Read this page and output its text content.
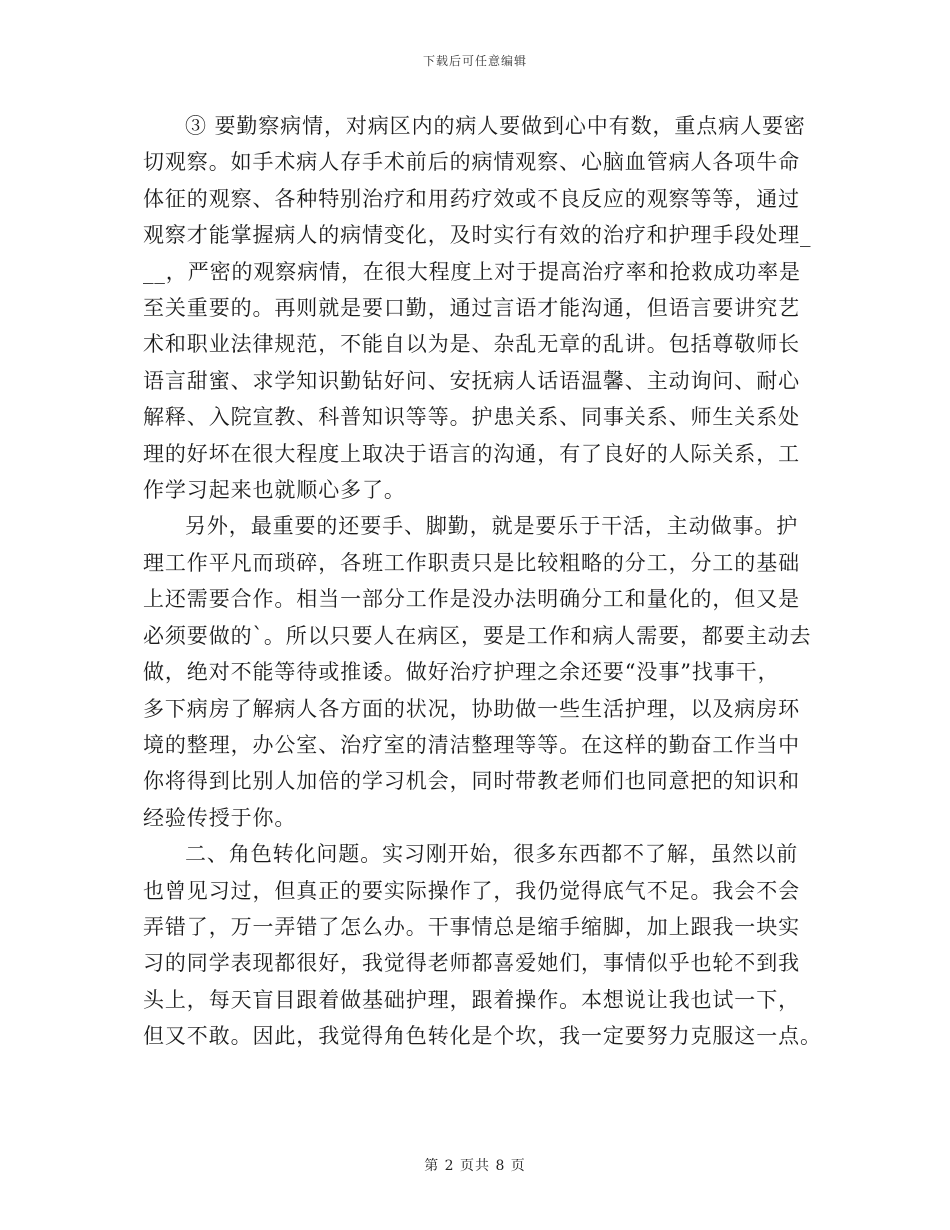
下载后可任意编辑

③ 要勤察病情，对病区内的病人要做到心中有数，重点病人要密
切观察。如手术病人存手术前后的病情观察、心脑血管病人各项牛命
体征的观察、各种特别治疗和用药疗效或不良反应的观察等等，通过
观察才能掌握病人的病情变化，及时实行有效的治疗和护理手段处理_
__，严密的观察病情，在很大程度上对于提高治疗率和抢救成功率是
至关重要的。再则就是要口勤，通过言语才能沟通，但语言要讲究艺
术和职业法律规范，不能自以为是、杂乱无章的乱讲。包括尊敬师长
语言甜蜜、求学知识勤钻好问、安抚病人话语温馨、主动询问、耐心
解释、入院宣教、科普知识等等。护患关系、同事关系、师生关系处
理的好坏在很大程度上取决于语言的沟通，有了良好的人际关系，工
作学习起来也就顺心多了。

另外，最重要的还要手、脚勤，就是要乐于干活，主动做事。护
理工作平凡而琐碎，各班工作职责只是比较粗略的分工，分工的基础
上还需要合作。相当一部分工作是没办法明确分工和量化的，但又是
必须要做的`。所以只要人在病区，要是工作和病人需要，都要主动去
做，绝对不能等待或推诿。做好治疗护理之余还要“没事”找事干，
多下病房了解病人各方面的状况，协助做一些生活护理，以及病房环
境的整理，办公室、治疗室的清洁整理等等。在这样的勤奋工作当中
你将得到比别人加倍的学习机会，同时带教老师们也同意把的知识和
经验传授于你。

二、角色转化问题。实习刚开始，很多东西都不了解，虽然以前
也曾见习过，但真正的要实际操作了，我仍觉得底气不足。我会不会
弄错了，万一弄错了怎么办。干事情总是缩手缩脚，加上跟我一块实
习的同学表现都很好，我觉得老师都喜爱她们，事情似乎也轮不到我
头上，每天盲目跟着做基础护理，跟着操作。本想说让我也试一下，
但又不敢。因此，我觉得角色转化是个坎，我一定要努力克服这一点。

第 2 页共 8 页
